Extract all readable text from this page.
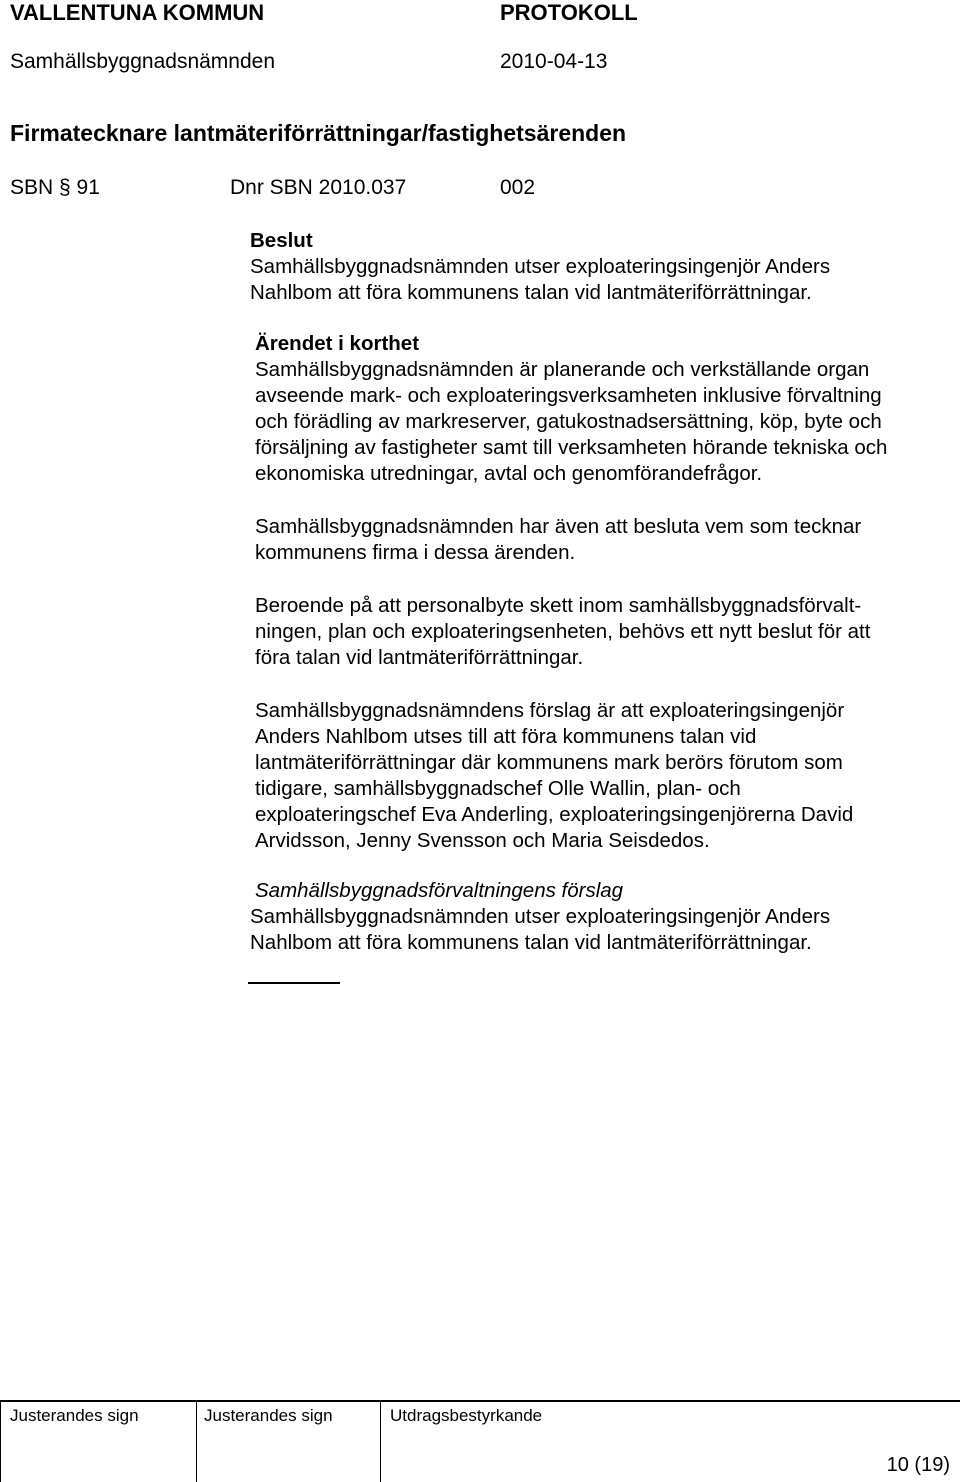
VALLENTUNA KOMMUN	PROTOKOLL
Samhällsbyggnadsnämnden	2010-04-13
Firmatecknare lantmäteriförrättningar/fastighetsärenden
SBN § 91	Dnr SBN 2010.037	002
Beslut
Samhällsbyggnadsnämnden utser exploateringsingenjör Anders
Nahlbom att föra kommunens talan vid lantmäteriförrättningar.
Ärendet i korthet
Samhällsbyggnadsnämnden är planerande och verkställande organ
avseende mark- och exploateringsverksamheten inklusive förvaltning
och förädling av markreserver, gatukostnadsersättning, köp, byte och
försäljning av fastigheter samt till verksamheten hörande tekniska och
ekonomiska utredningar, avtal och genomförandefrågor.
Samhällsbyggnadsnämnden har även att besluta vem som tecknar
kommunens firma i dessa ärenden.
Beroende på att personalbyte skett inom samhällsbyggnadsförvalt-
ningen, plan och exploateringsenheten, behövs ett nytt beslut för att
föra talan vid lantmäteriförrättningar.
Samhällsbyggnadsnämndens förslag är att exploateringsingenjör
Anders Nahlbom utses till att föra kommunens talan vid
lantmäteriförrättningar där kommunens mark berörs förutom som
tidigare, samhällsbyggnadschef Olle Wallin, plan- och
exploateringschef Eva Anderling, exploateringsingenjörerna David
Arvidsson, Jenny Svensson och Maria Seisdedos.
Samhällsbyggnadsförvaltningens förslag
Samhällsbyggnadsnämnden utser exploateringsingenjör Anders
Nahlbom att föra kommunens talan vid lantmäteriförrättningar.
Justerandes sign	Justerandes sign	Utdragsbestyrkande
10 (19)
